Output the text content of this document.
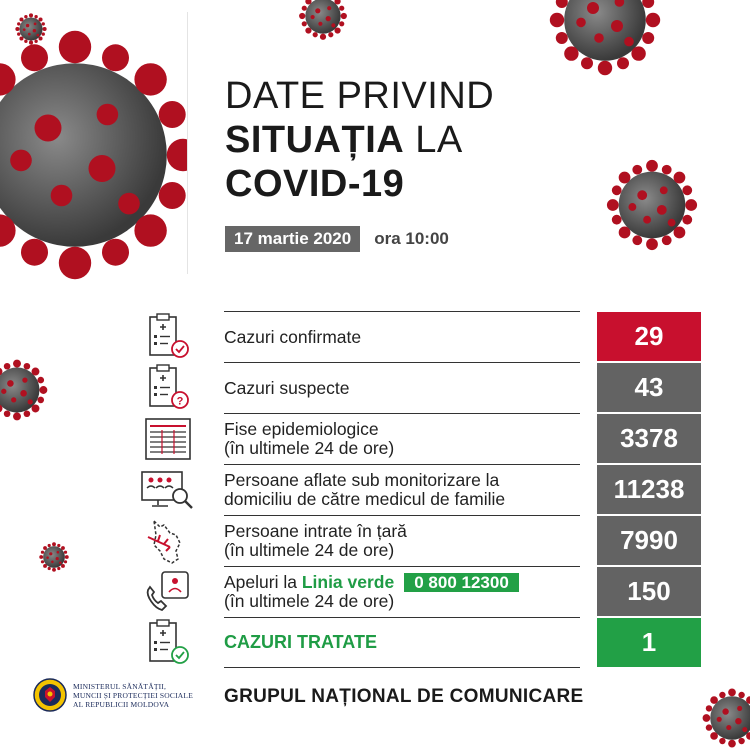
DATE PRIVIND
SITUAȚIA LA
COVID-19
17 martie 2020	ora 10:00
Cazuri confirmate	29
?
Cazuri suspecte	43
Fise epidemiologice
(în ultimele 24 de ore)	3378
Persoane aflate sub monitorizare la
domiciliu de către medicul de familie	11238
Persoane intrate în țară
(în ultimele 24 de ore)	7990
Apeluri la Linia verde 0 800 12300
(în ultimele 24 de ore)	150
CAZURI TRATATE	1
MINISTERUL SĂNĂTĂȚII,
MUNCII ȘI PROTECȚIEI SOCIALE
AL REPUBLICII MOLDOVA	GRUPUL NAȚIONAL DE COMUNICARE
